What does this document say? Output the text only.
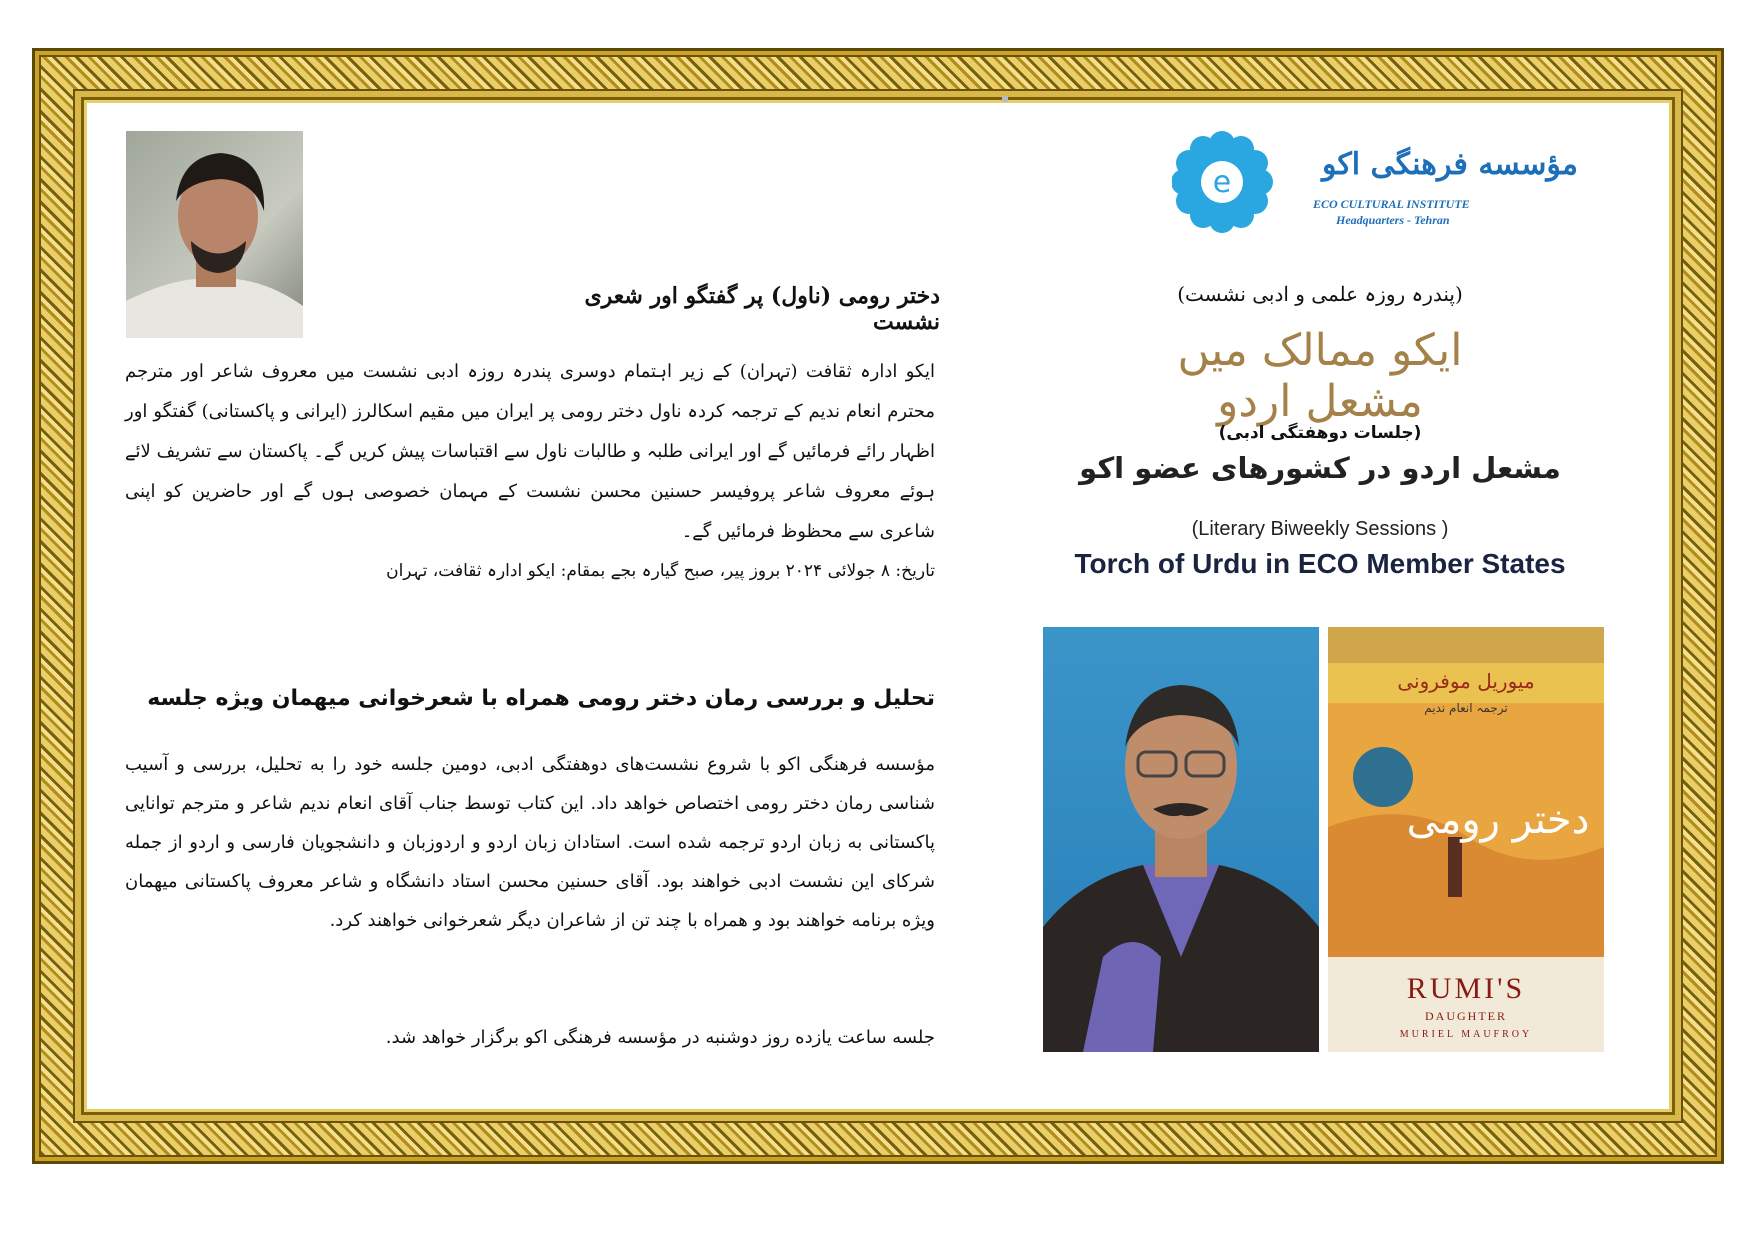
e
مؤسسه فرهنگی اکو
ECO CULTURAL INSTITUTE
Headquarters - Tehran
(پندرہ روزہ علمی و ادبی نشست)
ایکو ممالک میں مشعل اردو
(جلسات دوهفتگی ادبی)
مشعل اردو در کشورهای عضو اکو
(Literary Biweekly Sessions )
Torch of Urdu in ECO Member States
میوریل موفرونی
ترجمہ انعام ندیم
دختر رومی
RUMI'S
DAUGHTER
MURIEL MAUFROY
دختر رومی (ناول) پر گفتگو اور شعری نشست
ایکو ادارہ ثقافت (تہران) کے زیر اہتمام دوسری پندرہ روزہ ادبی نشست میں معروف شاعر اور مترجم محترم انعام ندیم کے ترجمہ کردہ ناول دختر رومی پر ایران میں مقیم اسکالرز (ایرانی و پاکستانی) گفتگو اور اظہار رائے فرمائیں گے اور ایرانی طلبہ و طالبات ناول سے اقتباسات پیش کریں گے۔ پاکستان سے تشریف لائے ہوئے معروف شاعر پروفیسر حسنین محسن نشست کے مہمان خصوصی ہوں گے اور حاضرین کو اپنی شاعری سے محظوظ فرمائیں گے۔
تاریخ: ۸ جولائی ۲۰۲۴ بروز پیر، صبح گیارہ بجے بمقام: ایکو ادارہ ثقافت، تہران
تحلیل و بررسی رمان دختر رومی همراه با شعرخوانی میهمان ویژه جلسه
مؤسسه فرهنگی اکو با شروع نشست‌های دوهفتگی ادبی، دومین جلسه خود را به تحلیل، بررسی و آسیب شناسی رمان دختر رومی اختصاص خواهد داد. این کتاب توسط جناب آقای انعام ندیم شاعر و مترجم توانایی پاکستانی به زبان اردو ترجمه شده است. استادان زبان اردو و اردوزبان و دانشجویان فارسی و اردو از جمله شرکای این نشست ادبی خواهند بود. آقای حسنین محسن استاد دانشگاه و شاعر معروف پاکستانی میهمان ویژه برنامه خواهند بود و همراه با چند تن از شاعران دیگر شعرخوانی خواهند کرد.
جلسه ساعت یازده روز دوشنبه در مؤسسه فرهنگی اکو برگزار خواهد شد.
